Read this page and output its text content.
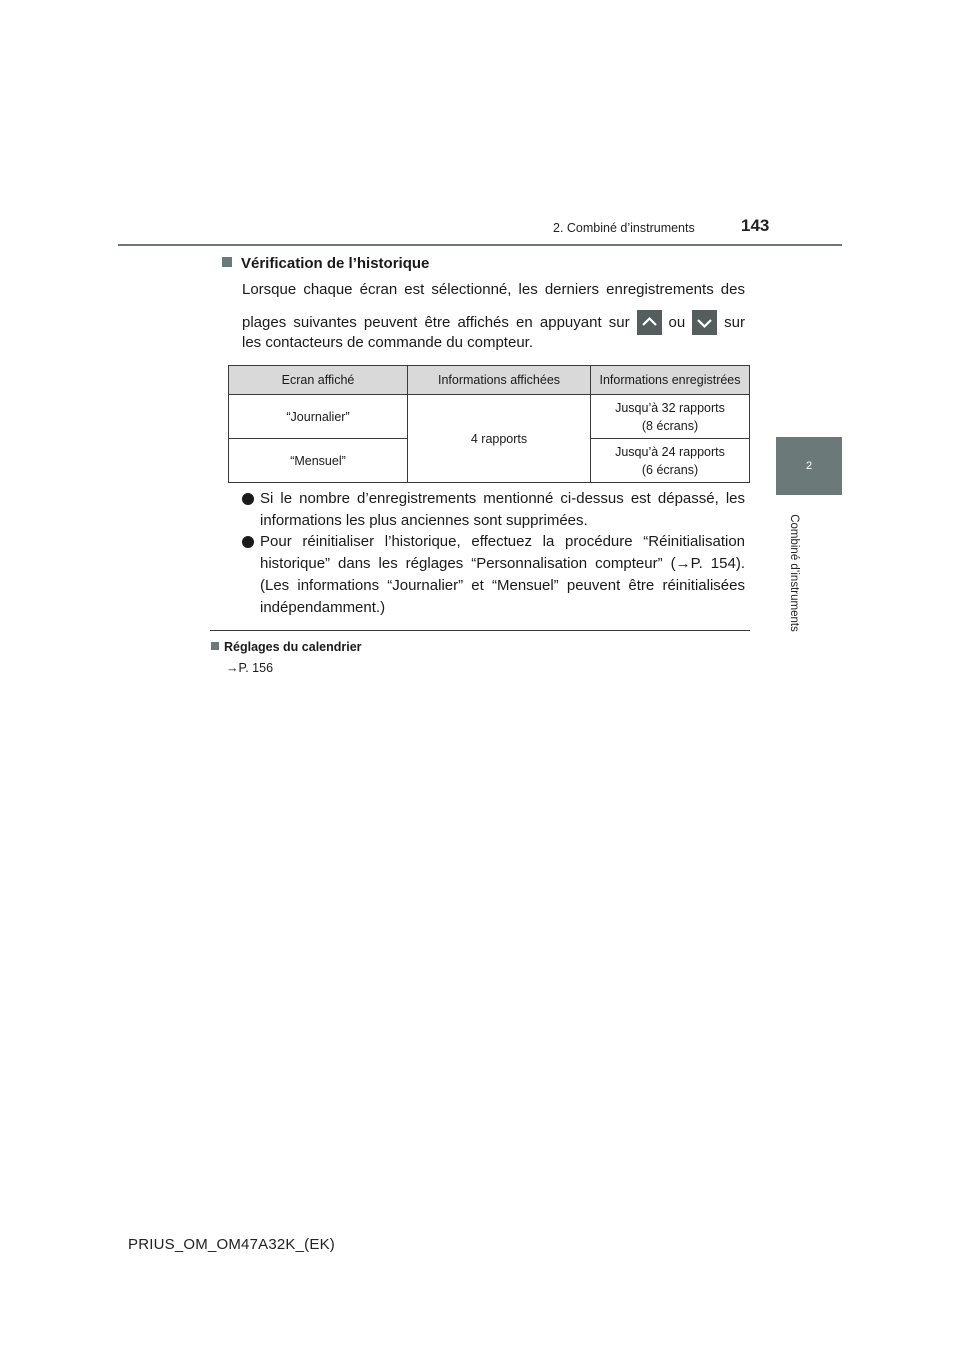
2. Combiné d’instruments	143
2
Combiné d’instruments
Vérification de l’historique
Lorsque chaque écran est sélectionné, les derniers enregistrements des
plages suivantes peuvent être affichés en appuyant sur	ou	sur
les contacteurs de commande du compteur.
Ecran affiché	Informations affichées	Informations enregistrées
“Journalier”	4 rapports	Jusqu’à 32 rapports
(8 écrans)
“Mensuel”		Jusqu’à 24 rapports
(6 écrans)
Si le nombre d’enregistrements mentionné ci-dessus est dépassé, les informations les plus anciennes sont supprimées.
Pour réinitialiser l’historique, effectuez la procédure “Réinitialisation historique” dans les réglages “Personnalisation compteur” (→P. 154). (Les informations “Journalier” et “Mensuel” peuvent être réinitialisées indépendamment.)
Réglages du calendrier
→P. 156
PRIUS_OM_OM47A32K_(EK)
